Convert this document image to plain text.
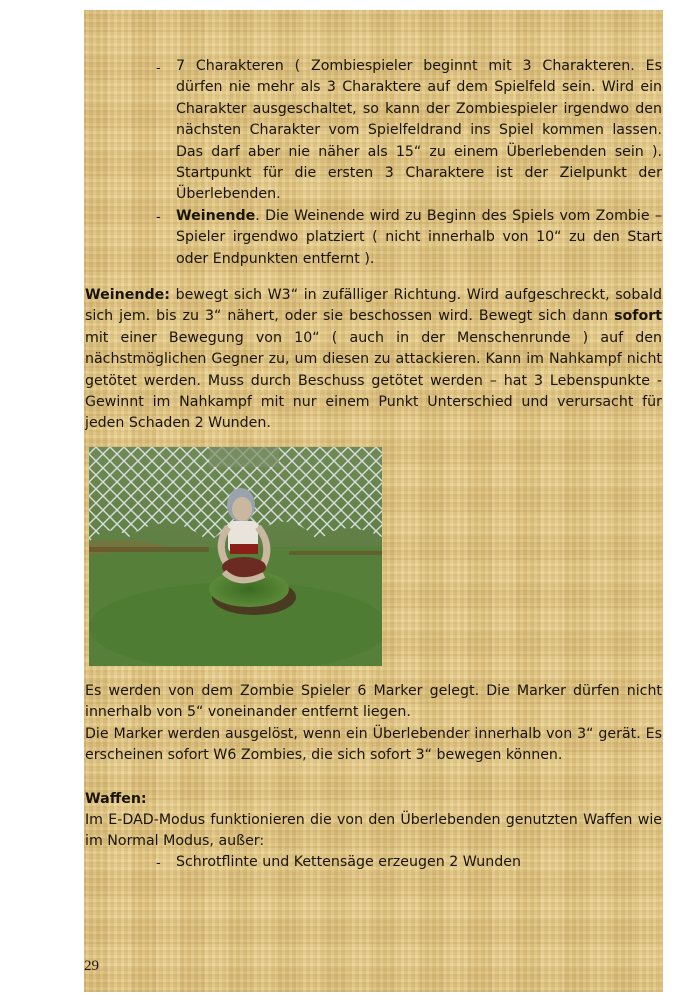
- 7 Charakteren ( Zombiespieler beginnt mit 3 Charakteren. Es dürfen nie mehr als 3 Charaktere auf dem Spielfeld sein. Wird ein Charakter ausgeschaltet, so kann der Zombiespieler irgendwo den nächsten Charakter vom Spielfeldrand ins Spiel kommen lassen. Das darf aber nie näher als 15“ zu einem Überlebenden sein ). Startpunkt für die ersten 3 Charaktere ist der Zielpunkt der Überlebenden.
- Weinende. Die Weinende wird zu Beginn des Spiels vom Zombie – Spieler irgendwo platziert ( nicht innerhalb von 10“ zu den Start oder Endpunkten entfernt ).
Weinende: bewegt sich W3“ in zufälliger Richtung. Wird aufgeschreckt, sobald sich jem. bis zu 3“ nähert, oder sie beschossen wird. Bewegt sich dann sofort mit einer Bewegung von 10“ ( auch in der Menschenrunde ) auf den nächstmöglichen Gegner zu, um diesen zu attackieren. Kann im Nahkampf nicht getötet werden. Muss durch Beschuss getötet werden – hat 3 Lebenspunkte - Gewinnt im Nahkampf mit nur einem Punkt Unterschied und verursacht für jeden Schaden 2 Wunden.
Es werden von dem Zombie Spieler 6 Marker gelegt. Die Marker dürfen nicht innerhalb von 5“ voneinander entfernt liegen.
Die Marker werden ausgelöst, wenn ein Überlebender innerhalb von 3“ gerät. Es erscheinen sofort W6 Zombies, die sich sofort 3“ bewegen können.
Waffen:
Im E-DAD-Modus funktionieren die von den Überlebenden genutzten Waffen wie im Normal Modus, außer:
- Schrotflinte und Kettensäge erzeugen 2 Wunden
29
